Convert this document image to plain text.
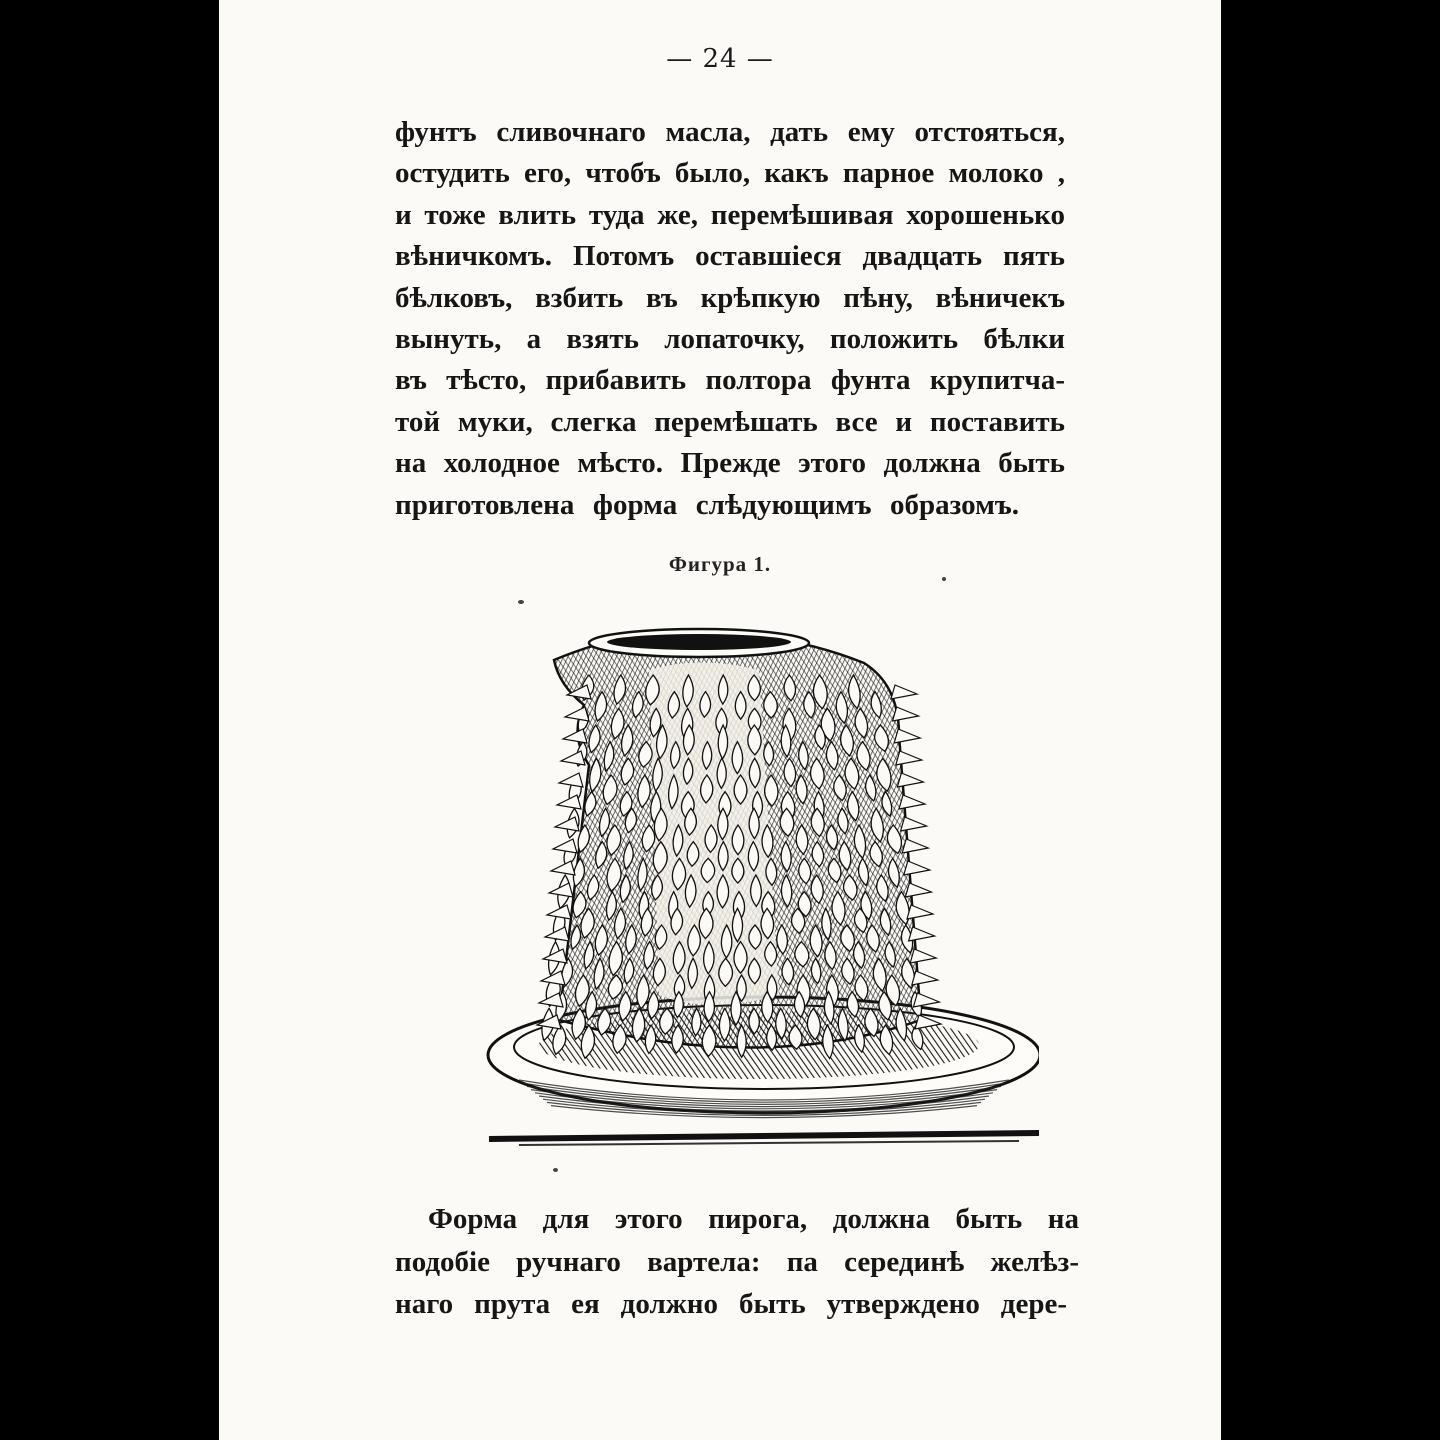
— 24 —
фунтъ сливочнаго масла, дать ему отстояться,
остудить его, чтобъ было, какъ парное молоко ,
и тоже влить туда же, перемѣшивая хорошенько
вѣничкомъ. Потомъ оставшіеся двадцать пять
бѣлковъ, взбить въ крѣпкую пѣну, вѣничекъ
вынуть, а взять лопаточку, положить бѣлки
въ тѣсто, прибавить полтора фунта крупитча-
той муки, слегка перемѣшать все и поставить
на холодное мѣсто. Прежде этого должна быть
приготовлена форма слѣдующимъ образомъ.
Фигура 1.
Форма для этого пирога, должна быть на
подобіе ручнаго вартела: па серединѣ желѣз-
наго прута ея должно быть утверждено дере-
